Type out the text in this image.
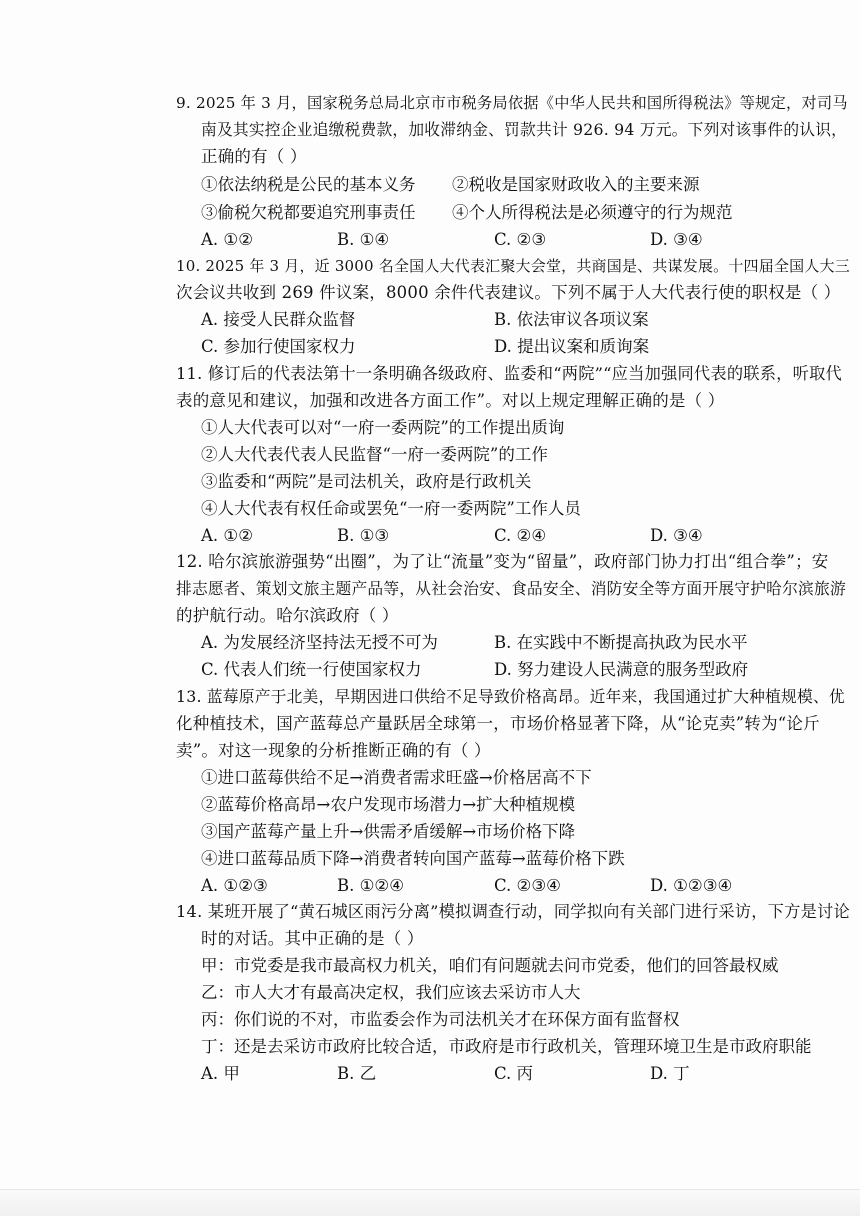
9. 2025 年 3 月，国家税务总局北京市市税务局依据《中华人民共和国所得税法》等规定，对司马
南及其实控企业追缴税费款，加收滞纳金、罚款共计 926. 94 万元。下列对该事件的认识，
正确的有（ ）
①依法纳税是公民的基本义务 ②税收是国家财政收入的主要来源
③偷税欠税都要追究刑事责任 ④个人所得税法是必须遵守的行为规范
A. ①②	B. ①④	C. ②③	D. ③④
10. 2025 年 3 月，近 3000 名全国人大代表汇聚大会堂，共商国是、共谋发展。十四届全国人大三
次会议共收到 269 件议案，8000 余件代表建议。下列不属于人大代表行使的职权是（ ）
A. 接受人民群众监督	B. 依法审议各项议案
C. 参加行使国家权力	D. 提出议案和质询案
11. 修订后的代表法第十一条明确各级政府、监委和“两院”“应当加强同代表的联系，听取代
表的意见和建议，加强和改进各方面工作”。对以上规定理解正确的是（ ）
①人大代表可以对“一府一委两院”的工作提出质询
②人大代表代表人民监督“一府一委两院”的工作
③监委和“两院”是司法机关，政府是行政机关
④人大代表有权任命或罢免“一府一委两院”工作人员
A. ①②	B. ①③	C. ②④	D. ③④
12. 哈尔滨旅游强势“出圈”，为了让“流量”变为“留量”，政府部门协力打出“组合拳”；安
排志愿者、策划文旅主题产品等，从社会治安、食品安全、消防安全等方面开展守护哈尔滨旅游
的护航行动。哈尔滨政府（ ）
A. 为发展经济坚持法无授不可为	B. 在实践中不断提高执政为民水平
C. 代表人们统一行使国家权力	D. 努力建设人民满意的服务型政府
13. 蓝莓原产于北美，早期因进口供给不足导致价格高昂。近年来，我国通过扩大种植规模、优
化种植技术，国产蓝莓总产量跃居全球第一，市场价格显著下降，从“论克卖”转为“论斤
卖”。对这一现象的分析推断正确的有（ ）
①进口蓝莓供给不足→消费者需求旺盛→价格居高不下
②蓝莓价格高昂→农户发现市场潜力→扩大种植规模
③国产蓝莓产量上升→供需矛盾缓解→市场价格下降
④进口蓝莓品质下降→消费者转向国产蓝莓→蓝莓价格下跌
A. ①②③	B. ①②④	C. ②③④	D. ①②③④
14. 某班开展了“黄石城区雨污分离”模拟调查行动，同学拟向有关部门进行采访，下方是讨论
时的对话。其中正确的是（ ）
甲：市党委是我市最高权力机关，咱们有问题就去问市党委，他们的回答最权威
乙：市人大才有最高决定权，我们应该去采访市人大
丙：你们说的不对，市监委会作为司法机关才在环保方面有监督权
丁：还是去采访市政府比较合适，市政府是市行政机关，管理环境卫生是市政府职能
A. 甲	B. 乙	C. 丙	D. 丁
